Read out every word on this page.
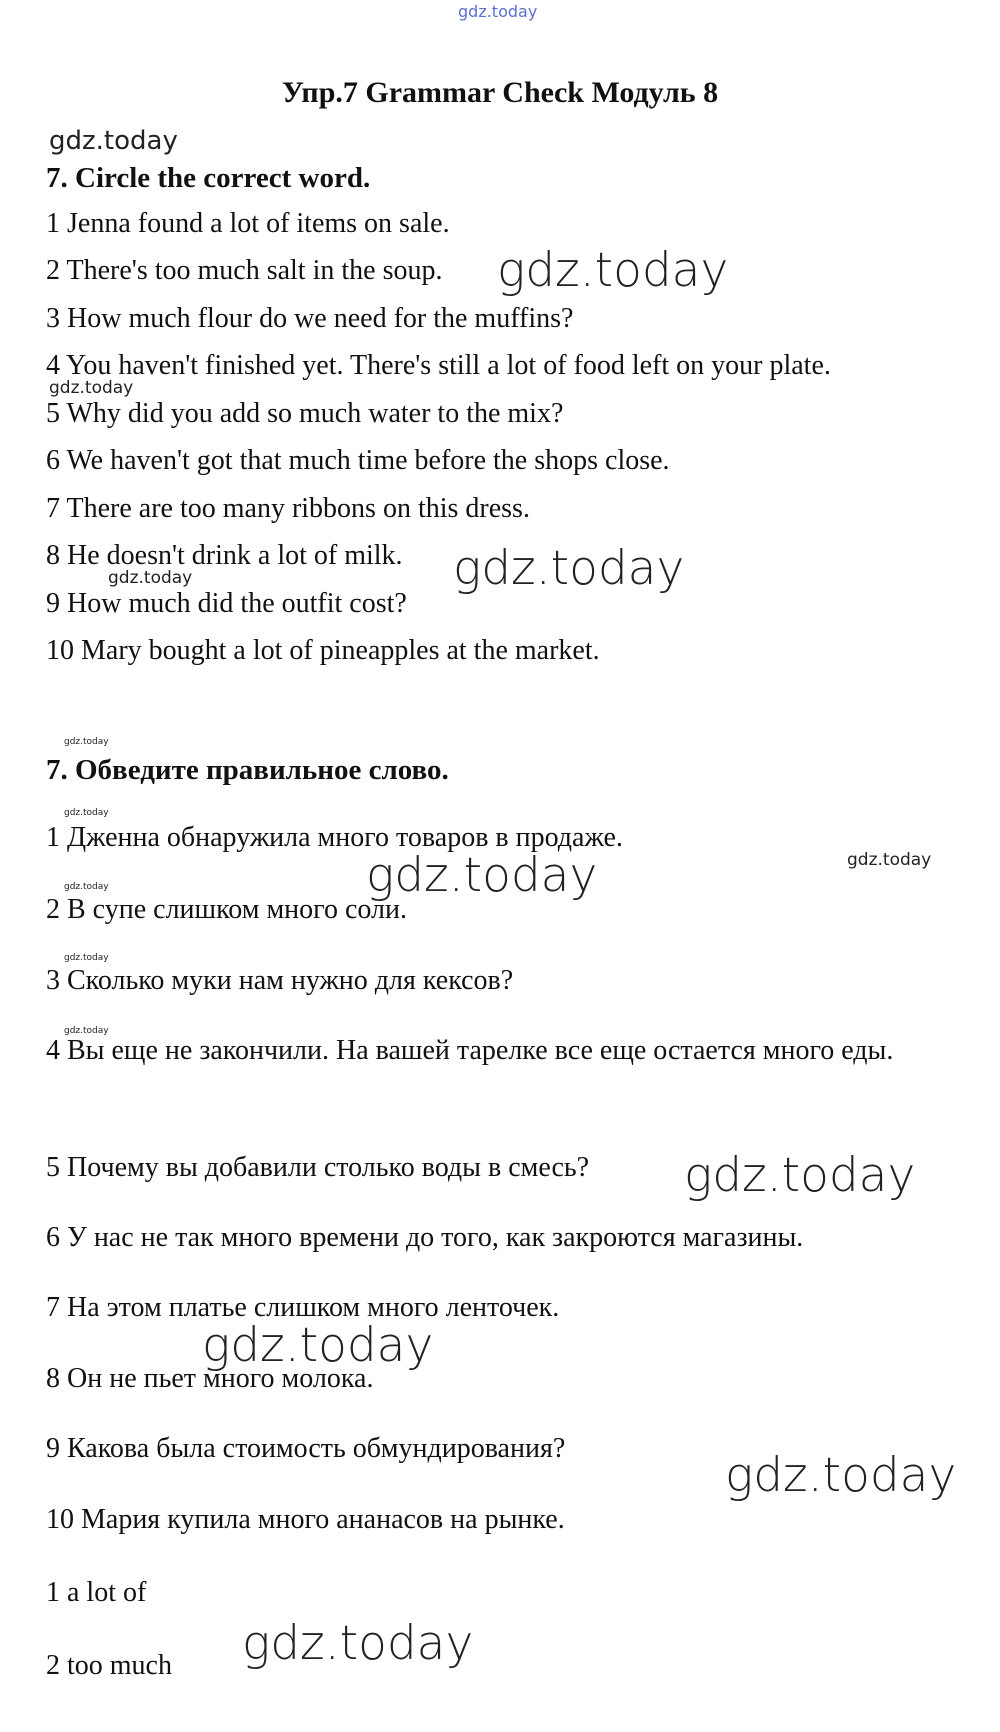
gdz.today
gdz.today
gdz.today
gdz.today
gdz.today
gdz.today
gdz.today
gdz.today
gdz.today	gdz.today
gdz.today
gdz.today
gdz.today
gdz.today
gdz.today
gdz.today
gdz.today
Упр.7 Grammar Check Модуль 8
7. Circle the correct word.
1 Jenna found a lot of items on sale.
2 There's too much salt in the soup.
3 How much flour do we need for the muffins?
4 You haven't finished yet. There's still a lot of food left on your plate.
5 Why did you add so much water to the mix?
6 We haven't got that much time before the shops close.
7 There are too many ribbons on this dress.
8 He doesn't drink a lot of milk.
9 How much did the outfit cost?
10 Mary bought a lot of pineapples at the market.
7. Обведите правильное слово.
1 Дженна обнаружила много товаров в продаже.
2 В супе слишком много соли.
3 Сколько муки нам нужно для кексов?
4 Вы еще не закончили. На вашей тарелке все еще остается много еды.
5 Почему вы добавили столько воды в смесь?
6 У нас не так много времени до того, как закроются магазины.
7 На этом платье слишком много ленточек.
8 Он не пьет много молока.
9 Какова была стоимость обмундирования?
10 Мария купила много ананасов на рынке.
1 a lot of
2 too much
